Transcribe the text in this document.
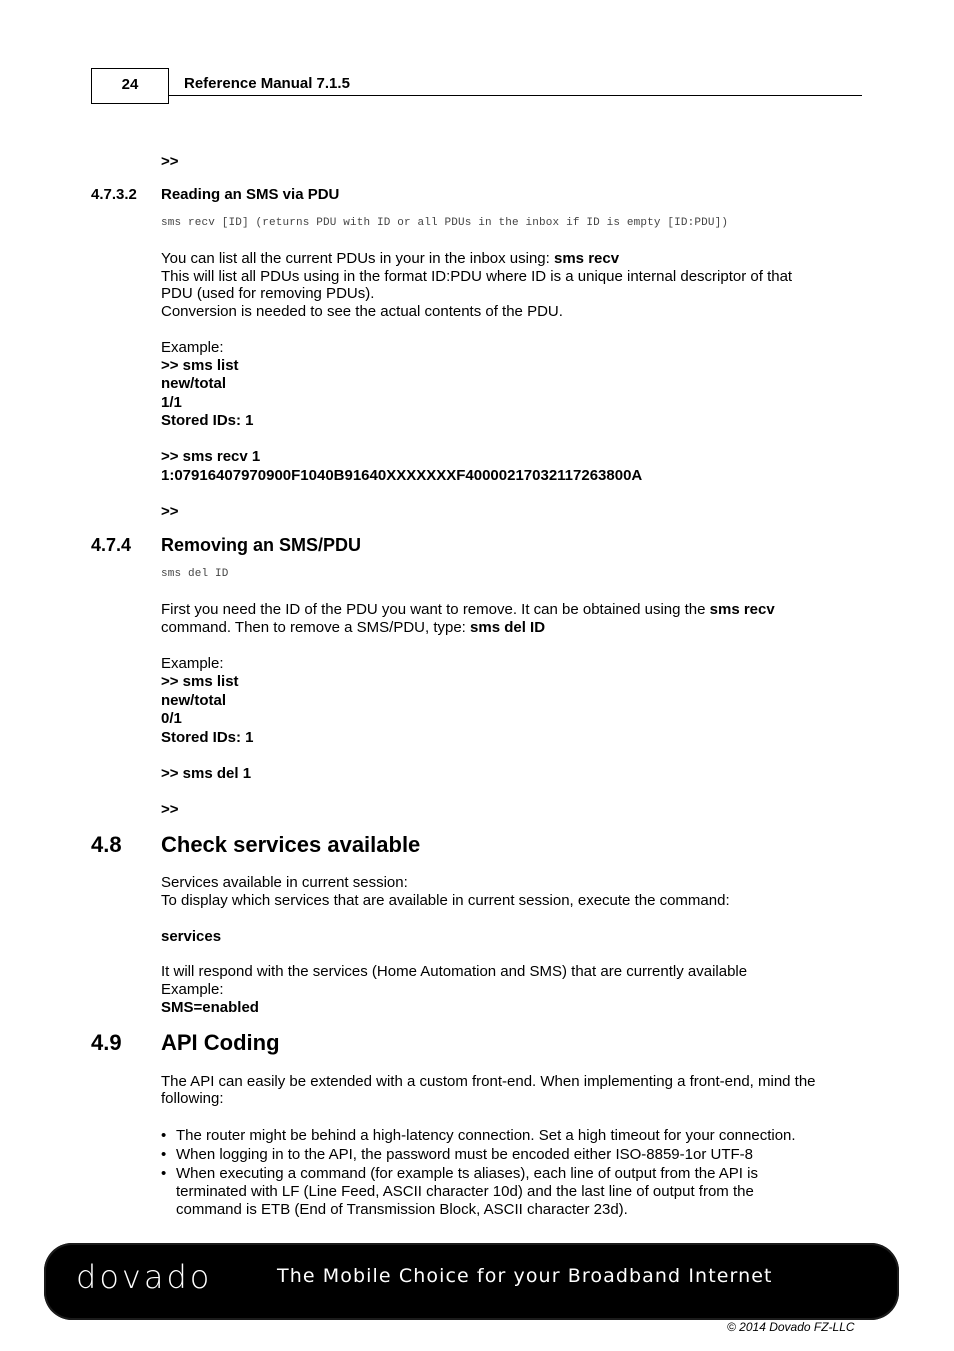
24	Reference Manual 7.1.5
>>
4.7.3.2 Reading an SMS via PDU
sms recv [ID] (returns PDU with ID or all PDUs in the inbox if ID is empty [ID:PDU])
You can list all the current PDUs in your in the inbox using: sms recv
This will list all PDUs using in the format ID:PDU where ID is a unique internal descriptor of that
PDU (used for removing PDUs).
Conversion is needed to see the actual contents of the PDU.
Example:
>> sms list
new/total
1/1
Stored IDs: 1
>> sms recv 1
1:07916407970900F1040B91640XXXXXXXF40000217032117263800A
>>
4.7.4 Removing an SMS/PDU
sms del ID
First you need the ID of the PDU you want to remove. It can be obtained using the sms recv
command. Then to remove a SMS/PDU, type: sms del ID
Example:
>> sms list
new/total
0/1
Stored IDs: 1
>> sms del 1
>>
4.8 Check services available
Services available in current session:
To display which services that are available in current session, execute the command:
services
It will respond with the services (Home Automation and SMS) that are currently available
Example:
SMS=enabled
4.9 API Coding
The API can easily be extended with a custom front-end. When implementing a front-end, mind the
following:
• The router might be behind a high-latency connection. Set a high timeout for your connection.
• When logging in to the API, the password must be encoded either ISO-8859-1or UTF-8
• When executing a command (for example ts aliases), each line of output from the API is
terminated with LF (Line Feed, ASCII character 10d) and the last line of output from the
command is ETB (End of Transmission Block, ASCII character 23d).
dovado	The Mobile Choice for your Broadband Internet
© 2014 Dovado FZ-LLC
